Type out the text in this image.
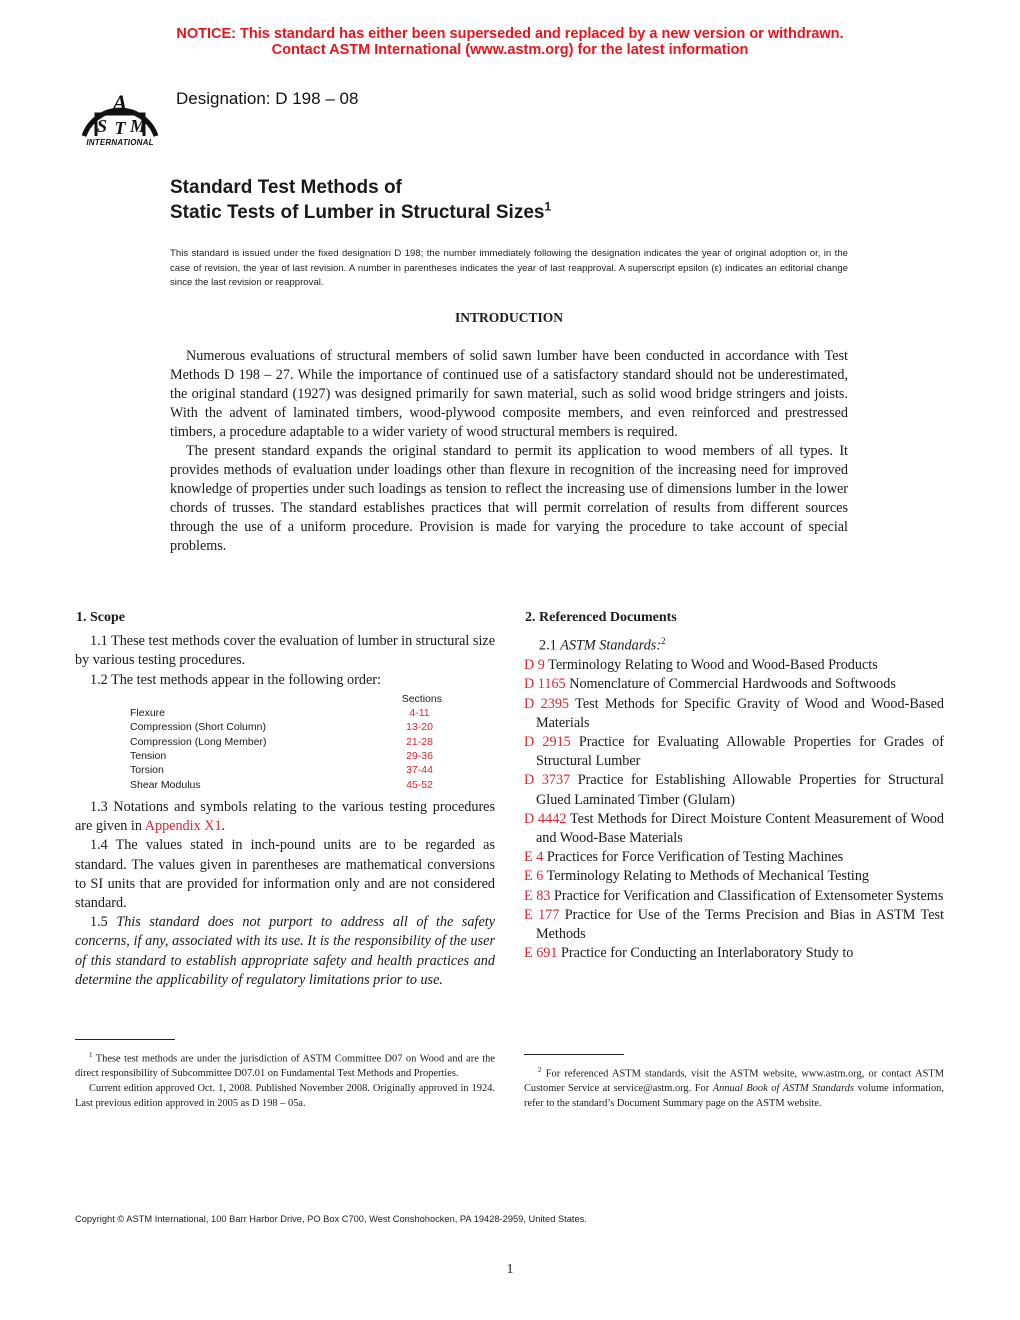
NOTICE: This standard has either been superseded and replaced by a new version or withdrawn.
Contact ASTM International (www.astm.org) for the latest information
A
S T M
INTERNATIONAL
Designation: D 198 – 08
Standard Test Methods of
Static Tests of Lumber in Structural Sizes$^1$
This standard is issued under the fixed designation D 198; the number immediately following the designation indicates the year of original adoption or, in the case of revision, the year of last revision. A number in parentheses indicates the year of last reapproval. A superscript epsilon (ε) indicates an editorial change since the last revision or reapproval.
INTRODUCTION

Numerous evaluations of structural members of solid sawn lumber have been conducted in accordance with Test Methods D 198 – 27. While the importance of continued use of a satisfactory standard should not be underestimated, the original standard (1927) was designed primarily for sawn material, such as solid wood bridge stringers and joists. With the advent of laminated timbers, wood-plywood composite members, and even reinforced and prestressed timbers, a procedure adaptable to a wider variety of wood structural members is required.

The present standard expands the original standard to permit its application to wood members of all types. It provides methods of evaluation under loadings other than flexure in recognition of the increasing need for improved knowledge of properties under such loadings as tension to reflect the increasing use of dimensions lumber in the lower chords of trusses. The standard establishes practices that will permit correlation of results from different sources through the use of a uniform procedure. Provision is made for varying the procedure to take account of special problems.

1. Scope

1.1 These test methods cover the evaluation of lumber in structural size by various testing procedures.

1.2 The test methods appear in the following order:

Sections
Flexure	4-11
Compression (Short Column)	13-20
Compression (Long Member)	21-28
Tension	29-36
Torsion	37-44
Shear Modulus	45-52

1.3 Notations and symbols relating to the various testing procedures are given in Appendix X1.

1.4 The values stated in inch-pound units are to be regarded as standard. The values given in parentheses are mathematical conversions to SI units that are provided for information only and are not considered standard.

1.5 This standard does not purport to address all of the safety concerns, if any, associated with its use. It is the responsibility of the user of this standard to establish appropriate safety and health practices and determine the applicability of regulatory limitations prior to use.

2. Referenced Documents

2.1 ASTM Standards:$^2$

D 9 Terminology Relating to Wood and Wood-Based Products
D 1165 Nomenclature of Commercial Hardwoods and Softwoods
D 2395 Test Methods for Specific Gravity of Wood and Wood-Based Materials
D 2915 Practice for Evaluating Allowable Properties for Grades of Structural Lumber
D 3737 Practice for Establishing Allowable Properties for Structural Glued Laminated Timber (Glulam)
D 4442 Test Methods for Direct Moisture Content Measurement of Wood and Wood-Base Materials
E 4 Practices for Force Verification of Testing Machines
E 6 Terminology Relating to Methods of Mechanical Testing
E 83 Practice for Verification and Classification of Extensometer Systems
E 177 Practice for Use of the Terms Precision and Bias in ASTM Test Methods
E 691 Practice for Conducting an Interlaboratory Study to

$^1$ These test methods are under the jurisdiction of ASTM Committee D07 on Wood and are the direct responsibility of Subcommittee D07.01 on Fundamental Test Methods and Properties.

Current edition approved Oct. 1, 2008. Published November 2008. Originally approved in 1924. Last previous edition approved in 2005 as D 198 – 05a.

$^2$ For referenced ASTM standards, visit the ASTM website, www.astm.org, or contact ASTM Customer Service at service@astm.org. For Annual Book of ASTM Standards volume information, refer to the standard’s Document Summary page on the ASTM website.

Copyright © ASTM International, 100 Barr Harbor Drive, PO Box C700, West Conshohocken, PA 19428-2959, United States.
1
